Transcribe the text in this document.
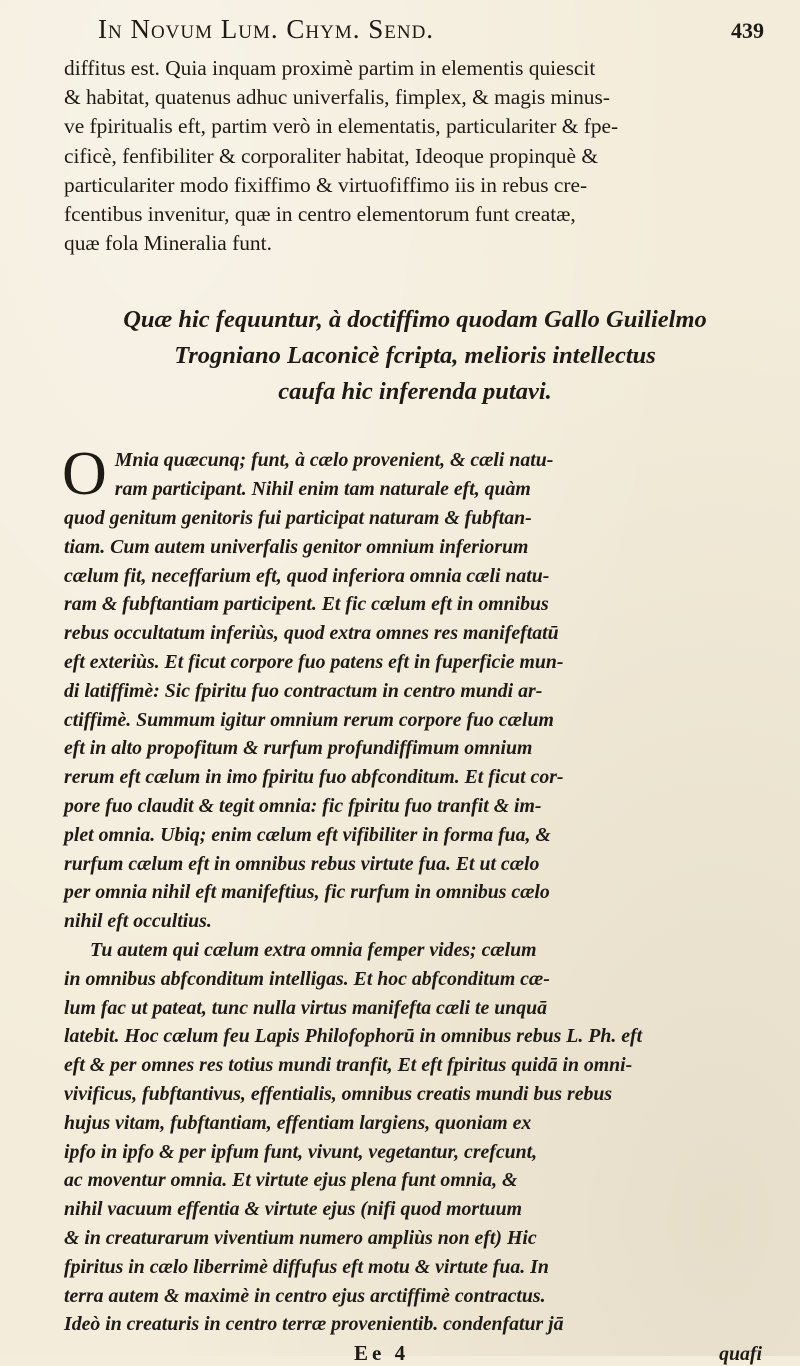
In Novum Lum. Chym. Send.	439

diffitus est. Quia inquam proximè partim in elementis quiescit

& habitat, quatenus adhuc univerfalis, fimplex, & magis minus-

ve fpiritualis eft, partim verò in elementatis, particulariter & fpe-

cificè, fenfibiliter & corporaliter habitat, Ideoque propinquè &

particulariter modo fixiffimo & virtuofiffimo iis in rebus cre-

fcentibus invenitur, quæ in centro elementorum funt creatæ,

quæ fola Mineralia funt.

Quæ hic fequuntur, à doctiffimo quodam Gallo Guilielmo

Trogniano Laconicè fcripta, melioris intellectus

caufa hic inferenda putavi.

O Mnia quæcunq; funt, à cælo provenient, & cæli natu-

ram participant. Nihil enim tam naturale eft, quàm

quod genitum genitoris fui participat naturam & fubftan-

tiam. Cum autem univerfalis genitor omnium inferiorum

cælum fit, neceffarium eft, quod inferiora omnia cæli natu-

ram & fubftantiam participent. Et fic cælum eft in omnibus

rebus occultatum inferiùs, quod extra omnes res manifeftatū

eft exteriùs. Et ficut corpore fuo patens eft in fuperficie mun-

di latiffimè: Sic fpiritu fuo contractum in centro mundi ar-

ctiffimè. Summum igitur omnium rerum corpore fuo cælum

eft in alto propofitum & rurfum profundiffimum omnium

rerum eft cælum in imo fpiritu fuo abfconditum. Et ficut cor-

pore fuo claudit & tegit omnia: fic fpiritu fuo tranfit & im-

plet omnia. Ubiq; enim cælum eft vifibiliter in forma fua, &

rurfum cælum eft in omnibus rebus virtute fua. Et ut cælo

per omnia nihil eft manifeftius, fic rurfum in omnibus cælo

nihil eft occultius.

Tu autem qui cælum extra omnia femper vides; cælum

in omnibus abfconditum intelligas. Et hoc abfconditum cæ-

lum fac ut pateat, tunc nulla virtus manifefta cæli te unquā

latebit. Hoc cælum feu Lapis Philofophorū in omnibus rebus L. Ph. eft

eft & per omnes res totius mundi tranfit, Et eft fpiritus quidā in omni-

vivificus, fubftantivus, effentialis, omnibus creatis mundi bus rebus

hujus vitam, fubftantiam, effentiam largiens, quoniam ex

ipfo in ipfo & per ipfum funt, vivunt, vegetantur, crefcunt,

ac moventur omnia. Et virtute ejus plena funt omnia, &

nihil vacuum effentia & virtute ejus (nifi quod mortuum

& in creaturarum viventium numero ampliùs non eft) Hic

fpiritus in cælo liberrimè diffufus eft motu & virtute fua. In

terra autem & maximè in centro ejus arctiffimè contractus.

Ideò in creaturis in centro terræ provenientib. condenfatur jā

Ee 4	quafi
